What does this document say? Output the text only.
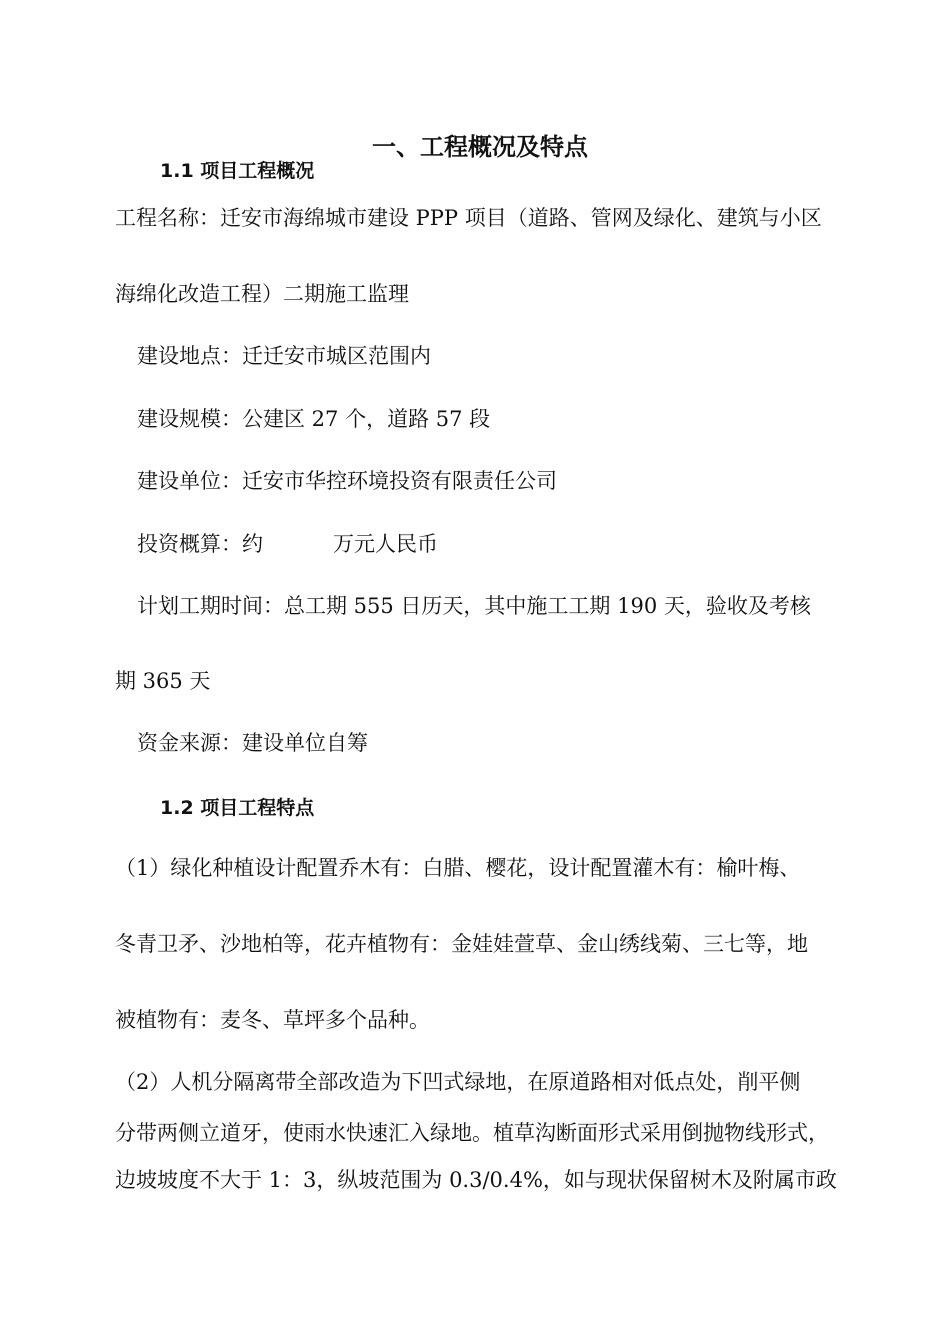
一、工程概况及特点
1.1 项目工程概况
工程名称：迁安市海绵城市建设 PPP 项目（道路、管网及绿化、建筑与小区
海绵化改造工程）二期施工监理
建设地点：迁迁安市城区范围内
建设规模：公建区 27 个，道路 57 段
建设单位：迁安市华控环境投资有限责任公司
投资概算：约	万元人民币
计划工期时间：总工期 555 日历天，其中施工工期 190 天，验收及考核
期 365 天
资金来源：建设单位自筹
1.2 项目工程特点
（1）绿化种植设计配置乔木有：白腊、樱花，设计配置灌木有：榆叶梅、
冬青卫矛、沙地柏等，花卉植物有：金娃娃萱草、金山绣线菊、三七等，地
被植物有：麦冬、草坪多个品种。
（2）人机分隔离带全部改造为下凹式绿地，在原道路相对低点处，削平侧
分带两侧立道牙，使雨水快速汇入绿地。植草沟断面形式采用倒抛物线形式，
边坡坡度不大于 1：3，纵坡范围为 0.3/0.4%，如与现状保留树木及附属市政
